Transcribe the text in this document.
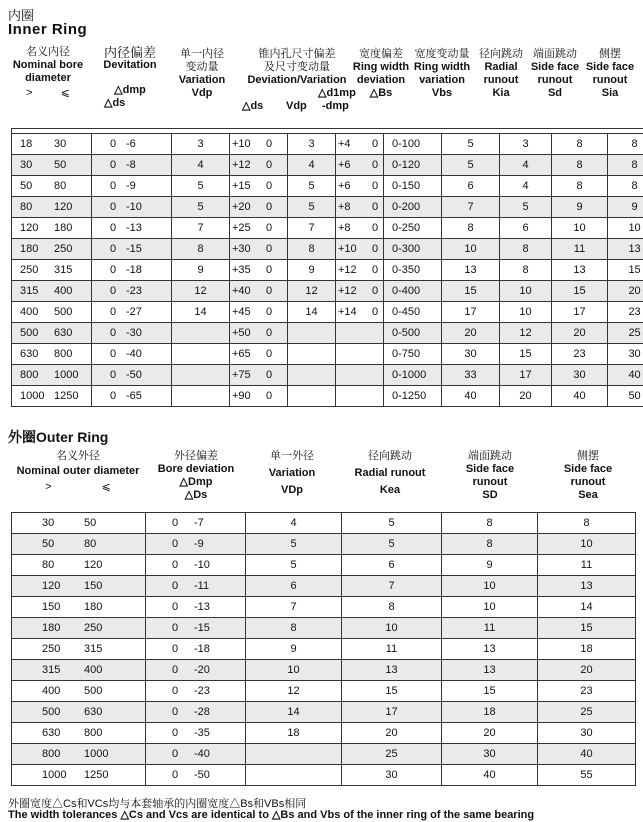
内圈
Inner Ring
名义内径
Nominal bore
diameter
>	⩽
内径偏差
Devitation
△dmp
△ds
单一内径
变动量
Variation
Vdp
锥内孔尺寸偏差
及尺寸变动量
Deviation/Variation
△ds Vdp
△d1mp
-dmp
宽度偏差
Ring width
deviation
△Bs
宽度变动量
Ring width
variation
Vbs
径向跳动
Radial
runout
Kia
端面跳动
Side face
runout
Sd
侧摆
Side face
runout
Sia

18 30	0 -6	3	+10 0	3	+4 0	0-100	5	3	8	8
30 50	0 -8	4	+12 0	4	+6 0	0-120	5	4	8	8
50 80	0 -9	5	+15 0	5	+6 0	0-150	6	4	8	8
80 120	0 -10	5	+20 0	5	+8 0	0-200	7	5	9	9
120 180	0 -13	7	+25 0	7	+8 0	0-250	8	6	10	10
180 250	0 -15	8	+30 0	8	+10 0	0-300	10	8	11	13
250 315	0 -18	9	+35 0	9	+12 0	0-350	13	8	13	15
315 400	0 -23	12	+40 0	12	+12 0	0-400	15	10	15	20
400 500	0 -27	14	+45 0	14	+14 0	0-450	17	10	17	23
500 630	0 -30		+50 0			0-500	20	12	20	25
630 800	0 -40		+65 0			0-750	30	15	23	30
800 1000	0 -50		+75 0			0-1000	33	17	30	40
1000 1250	0 -65		+90 0			0-1250	40	20	40	50
外圈Outer Ring
名义外径
Nominal outer diameter
>	⩽
外径偏差
Bore deviation
△Dmp
△Ds
单一外径
Variation
VDp
径向跳动
Radial runout
Kea
端面跳动
Side face
runout
SD
侧摆
Side face
runout
Sea
30 50	0 -7	4	5	8	8
50 80	0 -9	5	5	8	10
80 120	0 -10	5	6	9	11
120 150	0 -11	6	7	10	13
150 180	0 -13	7	8	10	14
180 250	0 -15	8	10	11	15
250 315	0 -18	9	11	13	18
315 400	0 -20	10	13	13	20
400 500	0 -23	12	15	15	23
500 630	0 -28	14	17	18	25
630 800	0 -35	18	20	20	30
800 1000	0 -40		25	30	40
1000 1250	0 -50		30	40	55
外圈宽度△Cs和VCs均与本套轴承的内圈宽度△Bs和VBs相同
The width tolerances △Cs and Vcs are identical to △Bs and Vbs of the inner ring of the same bearing
